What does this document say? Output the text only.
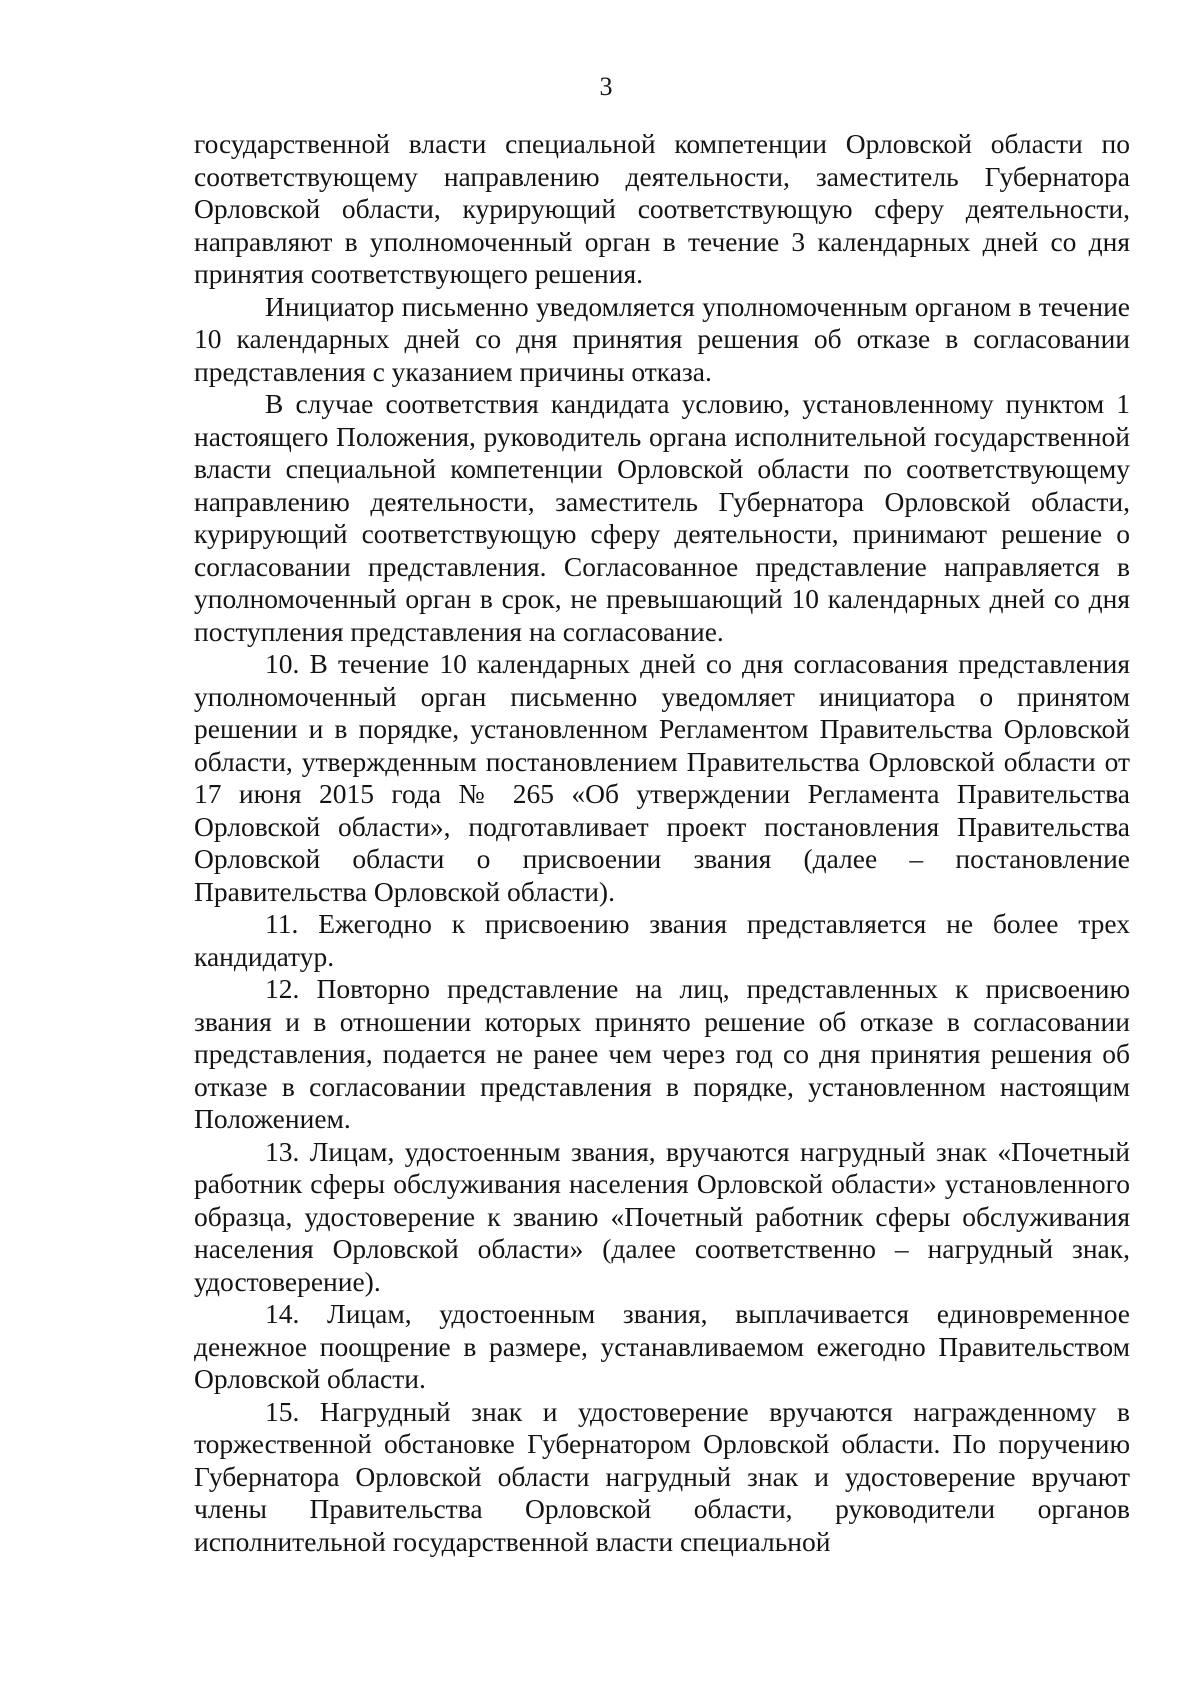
3

государственной власти специальной компетенции Орловской области по соответствующему направлению деятельности, заместитель Губернатора Орловской области, курирующий соответствующую сферу деятельности, направляют в уполномоченный орган в течение 3 календарных дней со дня принятия соответствующего решения.

Инициатор письменно уведомляется уполномоченным органом в течение 10 календарных дней со дня принятия решения об отказе в согласовании представления с указанием причины отказа.

В случае соответствия кандидата условию, установленному пунктом 1 настоящего Положения, руководитель органа исполнительной государственной власти специальной компетенции Орловской области по соответствующему направлению деятельности, заместитель Губернатора Орловской области, курирующий соответствующую сферу деятельности, принимают решение о согласовании представления. Согласованное представление направляется в уполномоченный орган в срок, не превышающий 10 календарных дней со дня поступления представления на согласование.

10. В течение 10 календарных дней со дня согласования представления уполномоченный орган письменно уведомляет инициатора о принятом решении и в порядке, установленном Регламентом Правительства Орловской области, утвержденным постановлением Правительства Орловской области от 17 июня 2015 года № 265 «Об утверждении Регламента Правительства Орловской области», подготавливает проект постановления Правительства Орловской области о присвоении звания (далее – постановление Правительства Орловской области).

11. Ежегодно к присвоению звания представляется не более трех кандидатур.

12. Повторно представление на лиц, представленных к присвоению звания и в отношении которых принято решение об отказе в согласовании представления, подается не ранее чем через год со дня принятия решения об отказе в согласовании представления в порядке, установленном настоящим Положением.

13. Лицам, удостоенным звания, вручаются нагрудный знак «Почетный работник сферы обслуживания населения Орловской области» установленного образца, удостоверение к званию «Почетный работник сферы обслуживания населения Орловской области» (далее соответственно – нагрудный знак, удостоверение).

14. Лицам, удостоенным звания, выплачивается единовременное денежное поощрение в размере, устанавливаемом ежегодно Правительством Орловской области.

15. Нагрудный знак и удостоверение вручаются награжденному в торжественной обстановке Губернатором Орловской области. По поручению Губернатора Орловской области нагрудный знак и удостоверение вручают члены Правительства Орловской области, руководители органов исполнительной государственной власти специальной
